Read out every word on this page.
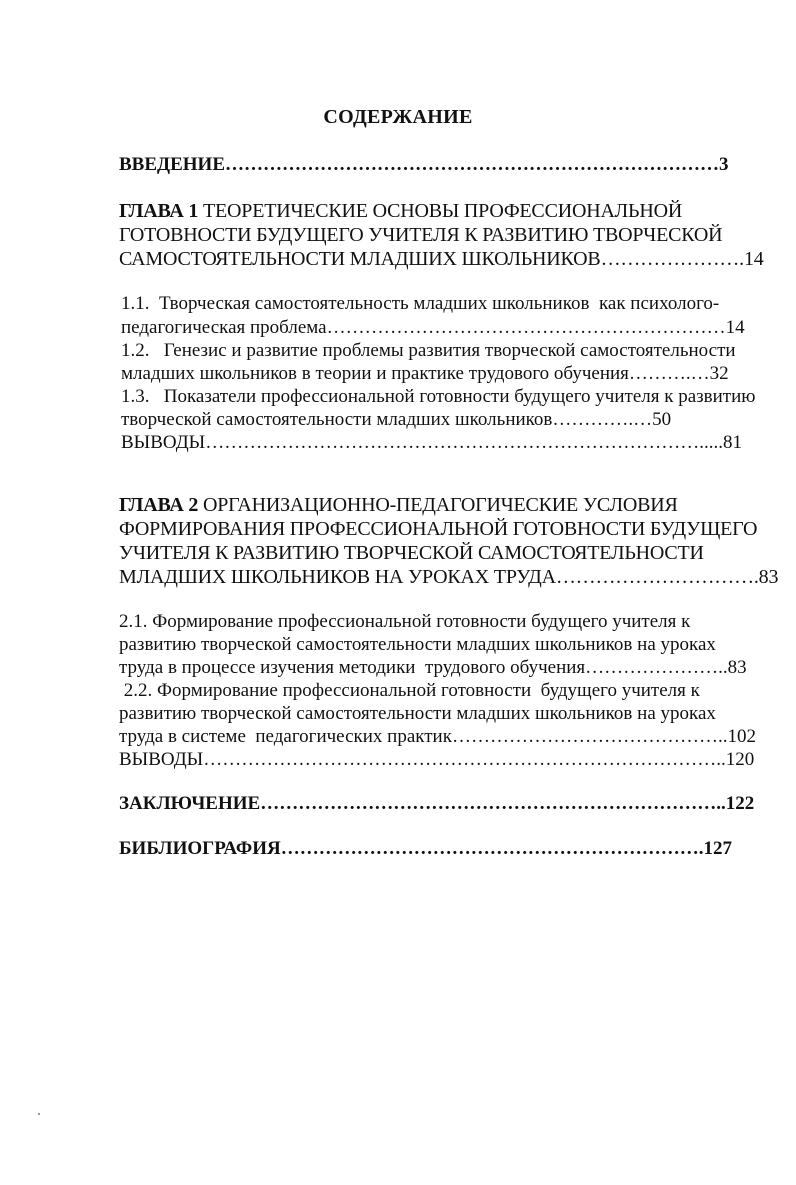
СОДЕРЖАНИЕ
ВВЕДЕНИЕ……………………………………………………………………3
ГЛАВА 1 ТЕОРЕТИЧЕСКИЕ ОСНОВЫ ПРОФЕССИОНАЛЬНОЙ
ГОТОВНОСТИ БУДУЩЕГО УЧИТЕЛЯ К РАЗВИТИЮ ТВОРЧЕСКОЙ
САМОСТОЯТЕЛЬНОСТИ МЛАДШИХ ШКОЛЬНИКОВ………………….14
1.1.  Творческая самостоятельность младших школьников  как психолого-
педагогическая проблема………………………………………………………14
1.2.   Генезис и развитие проблемы развития творческой самостоятельности
младших школьников в теории и практике трудового обучения……….…32
1.3.   Показатели профессиональной готовности будущего учителя к развитию
творческой самостоятельности младших школьников………….…50
ВЫВОДЫ…………………………………………………………………….....81
ГЛАВА 2 ОРГАНИЗАЦИОННО-ПЕДАГОГИЧЕСКИЕ УСЛОВИЯ
ФОРМИРОВАНИЯ ПРОФЕССИОНАЛЬНОЙ ГОТОВНОСТИ БУДУЩЕГО
УЧИТЕЛЯ К РАЗВИТИЮ ТВОРЧЕСКОЙ САМОСТОЯТЕЛЬНОСТИ
МЛАДШИХ ШКОЛЬНИКОВ НА УРОКАХ ТРУДА………………………….83
2.1. Формирование профессиональной готовности будущего учителя к
развитию творческой самостоятельности младших школьников на уроках
труда в процессе изучения методики  трудового обучения…………………..83
2.2. Формирование профессиональной готовности  будущего учителя к
развитию творческой самостоятельности младших школьников на уроках
труда в системе  педагогических практик……………………………………..102
ВЫВОДЫ………………………………………………………………………..120
ЗАКЛЮЧЕНИЕ………………………………………………………………..122
БИБЛИОГРАФИЯ………………………………………………………….127
